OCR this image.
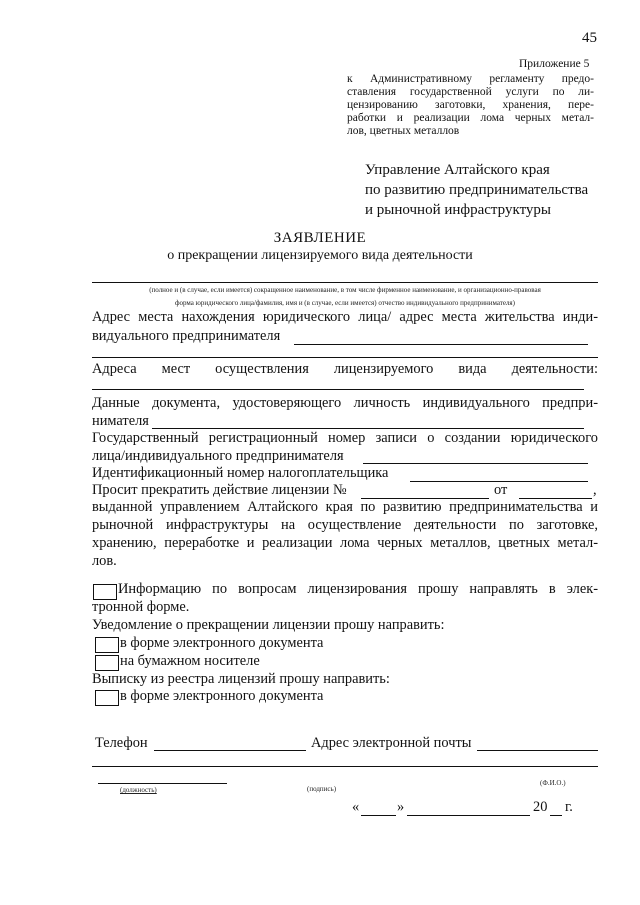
45
Приложение 5
к Административному регламенту предо-
ставления государственной услуги по ли-
цензированию заготовки, хранения, пере-
работки и реализации лома черных метал-
лов, цветных металлов
Управление Алтайского края
по развитию предпринимательства
и рыночной инфраструктуры
ЗАЯВЛЕНИЕ
о прекращении лицензируемого вида деятельности
(полное и (в случае, если имеется) сокращенное наименование, в том числе фирменное наименование, и организационно-правовая
форма юридического лица/фамилия, имя и (в случае, если имеется) отчество индивидуального предпринимателя)
Адрес места нахождения юридического лица/ адрес места жительства инди-
видуального предпринимателя
Адреса мест осуществления лицензируемого вида деятельности:
Данные документа, удостоверяющего личность индивидуального предпри-
нимателя
Государственный регистрационный номер записи о создании юридического
лица/индивидуального предпринимателя
Идентификационный номер налогоплательщика
Просит прекратить действие лицензии №	от	,
выданной управлением Алтайского края по развитию предпринимательства и
рыночной инфраструктуры на осуществление деятельности по заготовке,
хранению, переработке и реализации лома черных металлов, цветных метал-
лов.
Информацию по вопросам лицензирования прошу направлять в элек-
тронной форме.
Уведомление о прекращении лицензии прошу направить:
в форме электронного документа
на бумажном носителе
Выписку из реестра лицензий прошу направить:
в форме электронного документа
Телефон	Адрес электронной почты
(должность)	(подпись)
(Ф.И.О.)
«	»	20 г.
